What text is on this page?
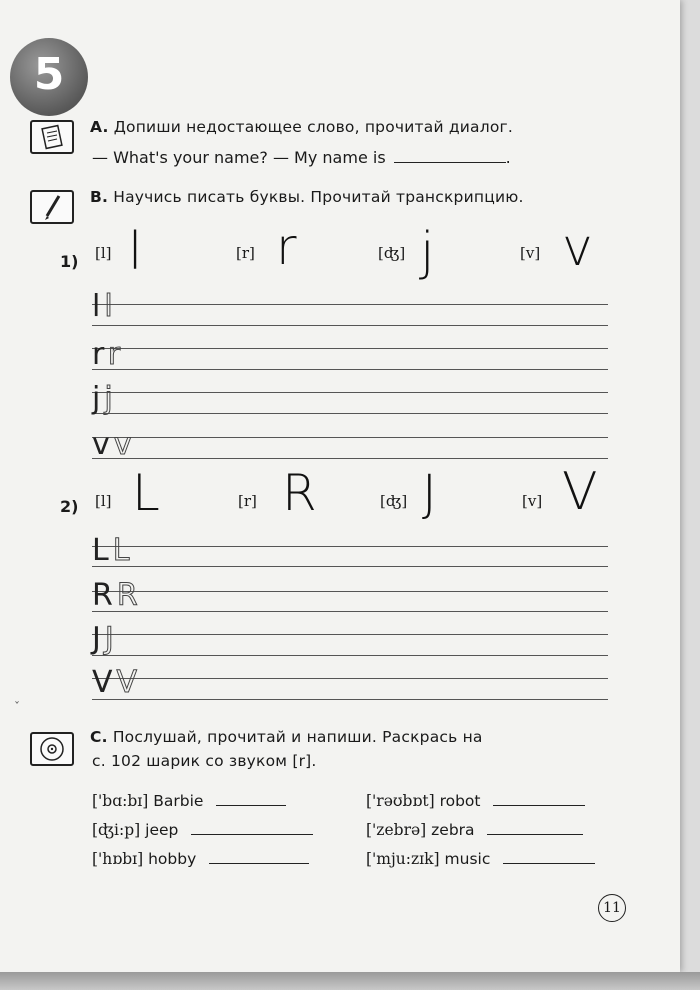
5
A. Допиши недостающее слово, прочитай диалог.
— What's your name? — My name is	.
B. Научись писать буквы. Прочитай транскрипцию.
1) [l] l	[r] r	[ʤ] j	[v] v
ll
rr
jj
vv
2) [l] L	[r] R	[ʤ] J	[v] V
LL
RR
JJ
VV
ˇ
C. Послушай, прочитай и напиши. Раскрась на
с. 102 шарик со звуком [r].
['bɑ:bɪ] Barbie	['rəʊbɒt] robot
[ʤi:p] jeep	['zebrə] zebra
['hɒbɪ] hobby	['mju:zɪk] music
11
